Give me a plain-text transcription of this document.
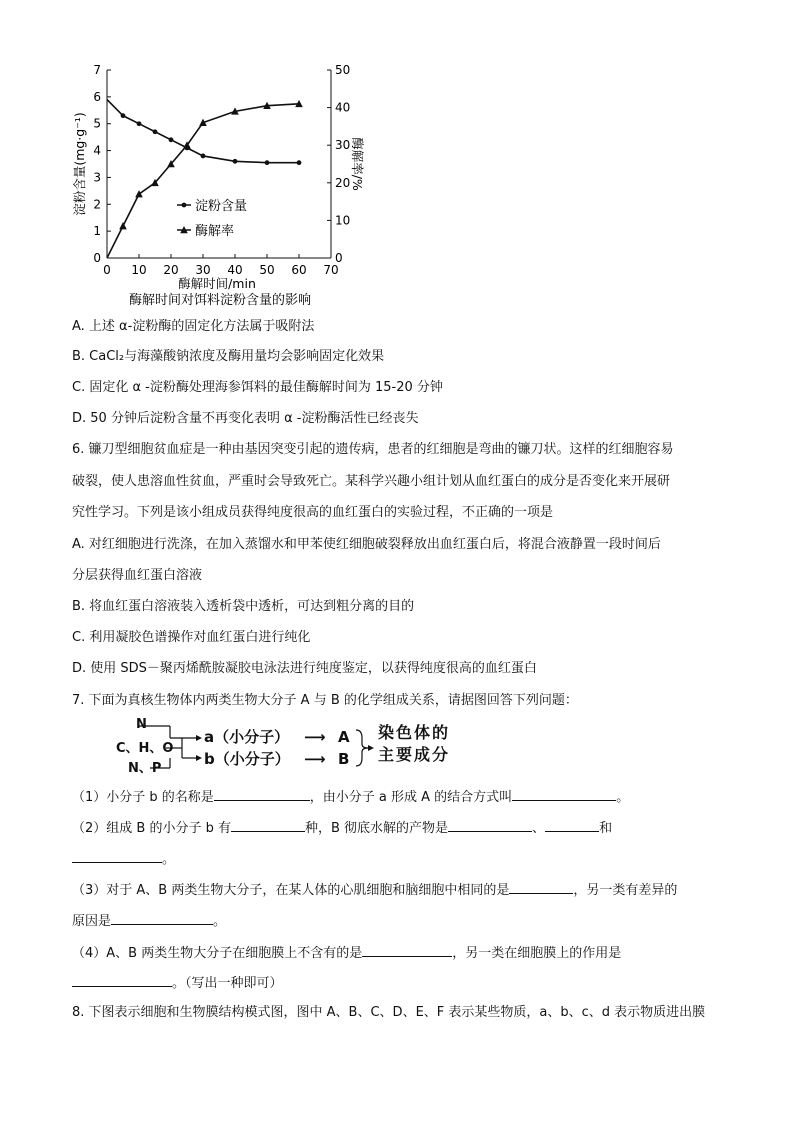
0
1
2
3
4
5
6
7
0
10
20
30
40
50
0 10 20 30 40 50 60 70
酶解时间/min
酶解时间对饵料淀粉含量的影响
淀粉含量(mg·g⁻¹)	酶解率/%
淀粉含量
酶解率
A. 上述 α-淀粉酶的固定化方法属于吸附法
B. CaCl₂与海藻酸钠浓度及酶用量均会影响固定化效果
C. 固定化 α -淀粉酶处理海参饵料的最佳酶解时间为 15-20 分钟
D. 50 分钟后淀粉含量不再变化表明 α -淀粉酶活性已经丧失
6. 镰刀型细胞贫血症是一种由基因突变引起的遗传病，患者的红细胞是弯曲的镰刀状。这样的红细胞容易
破裂，使人患溶血性贫血，严重时会导致死亡。某科学兴趣小组计划从血红蛋白的成分是否变化来开展研
究性学习。下列是该小组成员获得纯度很高的血红蛋白的实验过程，不正确的一项是
A. 对红细胞进行洗涤，在加入蒸馏水和甲苯使红细胞破裂释放出血红蛋白后，将混合液静置一段时间后
分层获得血红蛋白溶液
B. 将血红蛋白溶液装入透析袋中透析，可达到粗分离的目的
C. 利用凝胶色谱操作对血红蛋白进行纯化
D. 使用 SDS－聚丙烯酰胺凝胶电泳法进行纯度鉴定，以获得纯度很高的血红蛋白
7. 下面为真核生物体内两类生物大分子 A 与 B 的化学组成关系，请据图回答下列问题：
N
C、H、O
N、P
a（小分子）
b（小分子）
⟶
⟶
A
B
染色体的
主要成分
（1）小分子 b 的名称是	，由小分子 a 形成 A 的结合方式叫	。
（2）组成 B 的小分子 b 有	种，B 彻底水解的产物是	、	和
。
（3）对于 A、B 两类生物大分子，在某人体的心肌细胞和脑细胞中相同的是	，另一类有差异的
原因是	。
（4）A、B 两类生物大分子在细胞膜上不含有的是	，另一类在细胞膜上的作用是
。（写出一种即可）
8. 下图表示细胞和生物膜结构模式图，图中 A、B、C、D、E、F 表示某些物质，a、b、c、d 表示物质进出膜
